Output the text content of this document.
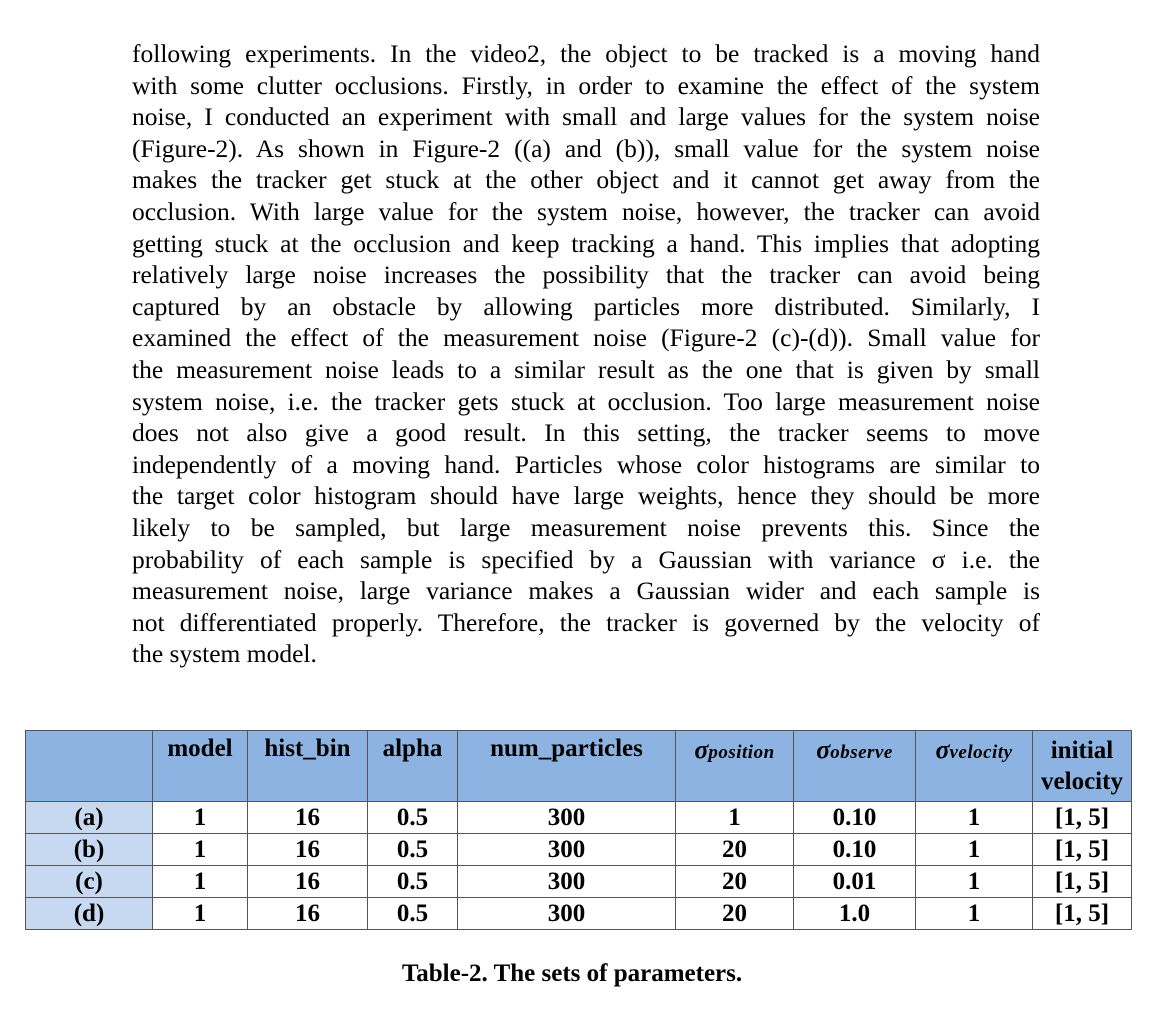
following experiments. In the video2, the object to be tracked is a moving hand
with some clutter occlusions. Firstly, in order to examine the effect of the system
noise, I conducted an experiment with small and large values for the system noise
(Figure-2). As shown in Figure-2 ((a) and (b)), small value for the system noise
makes the tracker get stuck at the other object and it cannot get away from the
occlusion. With large value for the system noise, however, the tracker can avoid
getting stuck at the occlusion and keep tracking a hand. This implies that adopting
relatively large noise increases the possibility that the tracker can avoid being
captured by an obstacle by allowing particles more distributed. Similarly, I
examined the effect of the measurement noise (Figure-2 (c)-(d)). Small value for
the measurement noise leads to a similar result as the one that is given by small
system noise, i.e. the tracker gets stuck at occlusion. Too large measurement noise
does not also give a good result. In this setting, the tracker seems to move
independently of a moving hand. Particles whose color histograms are similar to
the target color histogram should have large weights, hence they should be more
likely to be sampled, but large measurement noise prevents this. Since the
probability of each sample is specified by a Gaussian with variance σ i.e. the
measurement noise, large variance makes a Gaussian wider and each sample is
not differentiated properly. Therefore, the tracker is governed by the velocity of
the system model.
	model	hist_bin	alpha	num_particles	σposition	σobserve	σvelocity	initial
velocity
(a)	1	16	0.5	300	1	0.10	1	[1, 5]
(b)	1	16	0.5	300	20	0.10	1	[1, 5]
(c)	1	16	0.5	300	20	0.01	1	[1, 5]
(d)	1	16	0.5	300	20	1.0	1	[1, 5]
Table-2. The sets of parameters.
